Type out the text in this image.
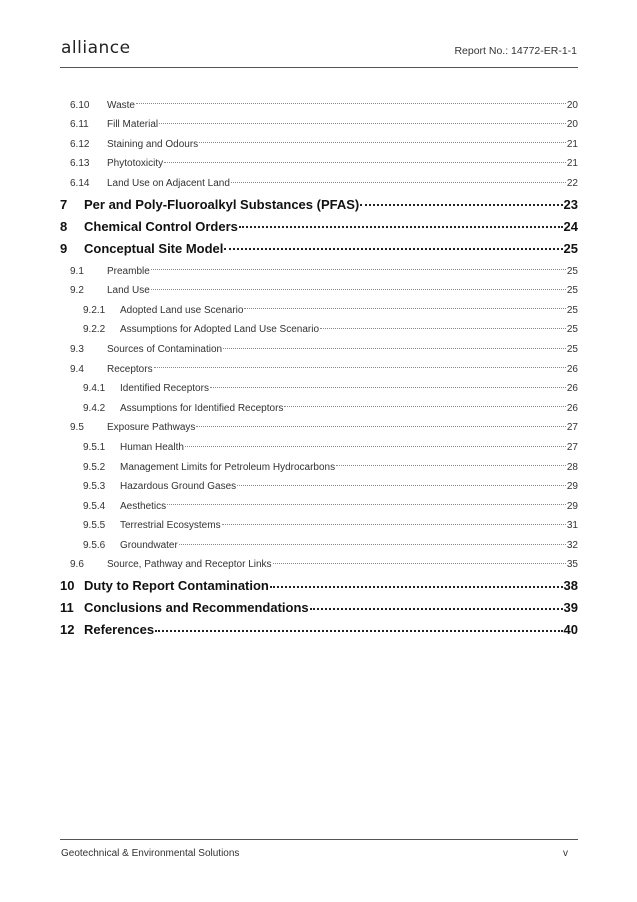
alliance	Report No.: 14772-ER-1-1
6.10	Waste	20
6.11	Fill Material	20
6.12	Staining and Odours	21
6.13	Phytotoxicity	21
6.14	Land Use on Adjacent Land	22
7	Per and Poly-Fluoroalkyl Substances (PFAS)	23
8	Chemical Control Orders	24
9	Conceptual Site Model	25
9.1	Preamble	25
9.2	Land Use	25
9.2.1	Adopted Land use Scenario	25
9.2.2	Assumptions for Adopted Land Use Scenario	25
9.3	Sources of Contamination	25
9.4	Receptors	26
9.4.1	Identified Receptors	26
9.4.2	Assumptions for Identified Receptors	26
9.5	Exposure Pathways	27
9.5.1	Human Health	27
9.5.2	Management Limits for Petroleum Hydrocarbons	28
9.5.3	Hazardous Ground Gases	29
9.5.4	Aesthetics	29
9.5.5	Terrestrial Ecosystems	31
9.5.6	Groundwater	32
9.6	Source, Pathway and Receptor Links	35
10 Duty to Report Contamination	38
11 Conclusions and Recommendations	39
12 References	40
Geotechnical & Environmental Solutions	v
